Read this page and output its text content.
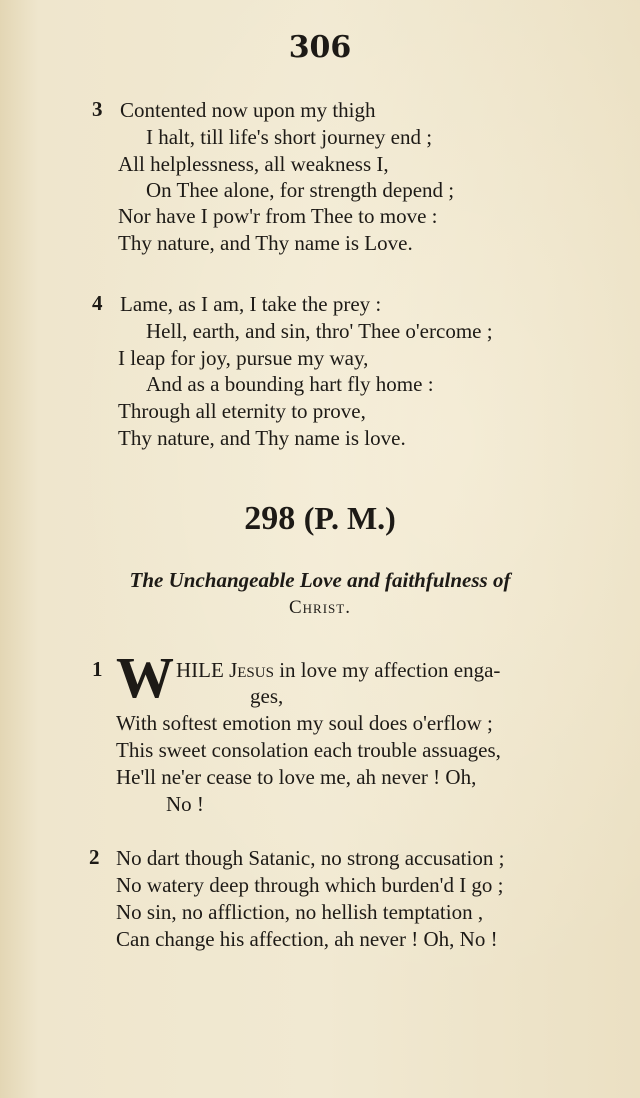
306
3 Contented now upon my thigh
I halt, till life's short journey end ;
All helplessness, all weakness I,
On Thee alone, for strength depend ;
Nor have I pow'r from Thee to move :
Thy nature, and Thy name is Love.
4 Lame, as I am, I take the prey :
Hell, earth, and sin, thro' Thee o'ercome ;
I leap for joy, pursue my way,
And as a bounding hart fly home :
Through all eternity to prove,
Thy nature, and Thy name is love.
298 (P. M.)
The Unchangeable Love and faithfulness of
Christ.
1 W HILE Jesus in love my affection enga-
ges,
With softest emotion my soul does o'erflow ;
This sweet consolation each trouble assuages,
He'll ne'er cease to love me, ah never ! Oh,
No !
2 No dart though Satanic, no strong accusation ;
No watery deep through which burden'd I go ;
No sin, no affliction, no hellish temptation ,
Can change his affection, ah never ! Oh, No !
